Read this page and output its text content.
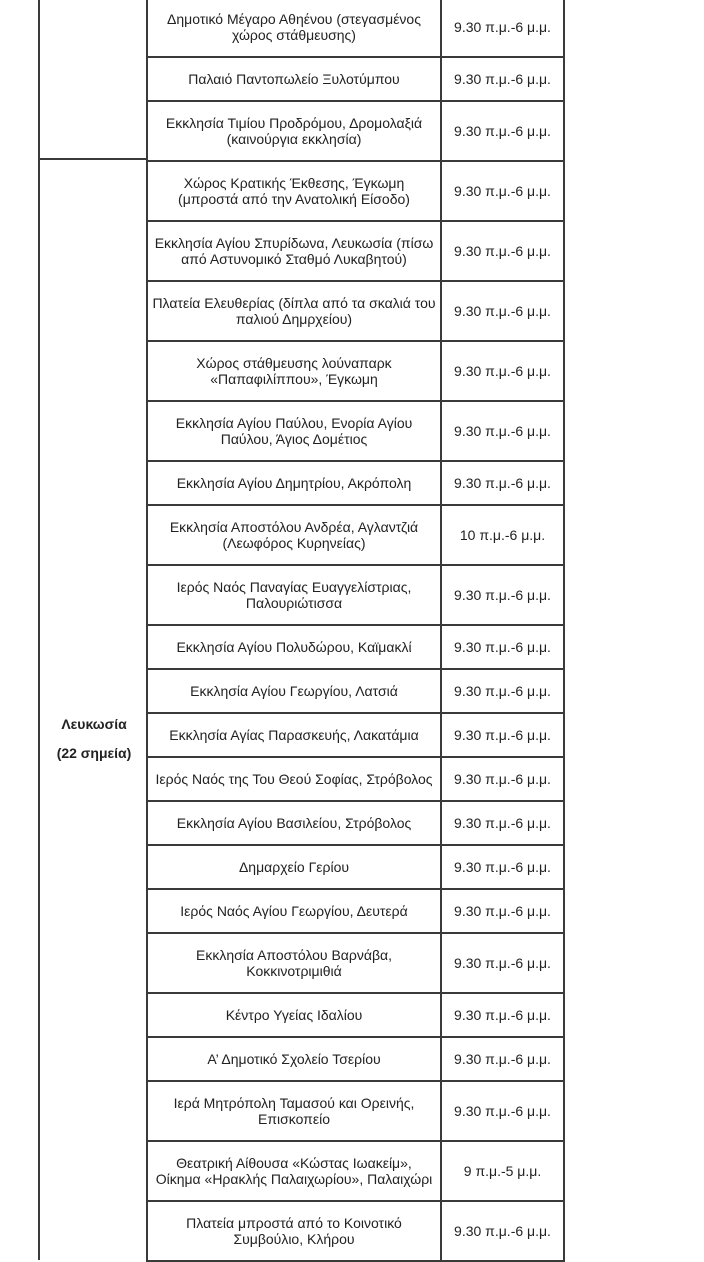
Λευκωσία
(22 σημεία)
Δημοτικό Μέγαρο Αθηένου (στεγασμένος χώρος στάθμευσης)	9.30 π.μ.-6 μ.μ.
Παλαιό Παντοπωλείο Ξυλοτύμπου	9.30 π.μ.-6 μ.μ.
Εκκλησία Τιμίου Προδρόμου, Δρομολαξιά (καινούργια εκκλησία)	9.30 π.μ.-6 μ.μ.
Χώρος Κρατικής Έκθεσης, Έγκωμη (μπροστά από την Ανατολική Είσοδο)	9.30 π.μ.-6 μ.μ.
Εκκλησία Αγίου Σπυρίδωνα, Λευκωσία (πίσω από Αστυνομικό Σταθμό Λυκαβητού)	9.30 π.μ.-6 μ.μ.
Πλατεία Ελευθερίας (δίπλα από τα σκαλιά του παλιού Δημρχείου)	9.30 π.μ.-6 μ.μ.
Χώρος στάθμευσης λούναπαρκ «Παπαφιλίππου», Έγκωμη	9.30 π.μ.-6 μ.μ.
Εκκλησία Αγίου Παύλου, Ενορία Αγίου Παύλου, Άγιος Δομέτιος	9.30 π.μ.-6 μ.μ.
Εκκλησία Αγίου Δημητρίου, Ακρόπολη	9.30 π.μ.-6 μ.μ.
Εκκλησία Αποστόλου Ανδρέα, Αγλαντζιά (Λεωφόρος Κυρηνείας)	10 π.μ.-6 μ.μ.
Ιερός Ναός Παναγίας Ευαγγελίστριας, Παλουριώτισσα	9.30 π.μ.-6 μ.μ.
Εκκλησία Αγίου Πολυδώρου, Καϊμακλί	9.30 π.μ.-6 μ.μ.
Εκκλησία Αγίου Γεωργίου, Λατσιά	9.30 π.μ.-6 μ.μ.
Εκκλησία Αγίας Παρασκευής, Λακατάμια	9.30 π.μ.-6 μ.μ.
Ιερός Ναός της Του Θεού Σοφίας, Στρόβολος	9.30 π.μ.-6 μ.μ.
Εκκλησία Αγίου Βασιλείου, Στρόβολος	9.30 π.μ.-6 μ.μ.
Δημαρχείο Γερίου	9.30 π.μ.-6 μ.μ.
Ιερός Ναός Αγίου Γεωργίου, Δευτερά	9.30 π.μ.-6 μ.μ.
Εκκλησία Αποστόλου Βαρνάβα, Κοκκινοτριμιθιά	9.30 π.μ.-6 μ.μ.
Κέντρο Υγείας Ιδαλίου	9.30 π.μ.-6 μ.μ.
Α’ Δημοτικό Σχολείο Τσερίου	9.30 π.μ.-6 μ.μ.
Ιερά Μητρόπολη Ταμασού και Ορεινής, Επισκοπείο	9.30 π.μ.-6 μ.μ.
Θεατρική Αίθουσα «Κώστας Ιωακείμ», Οίκημα «Ηρακλής Παλαιχωρίου», Παλαιχώρι	9 π.μ.-5 μ.μ.
Πλατεία μπροστά από το Κοινοτικό Συμβούλιο, Κλήρου	9.30 π.μ.-6 μ.μ.
